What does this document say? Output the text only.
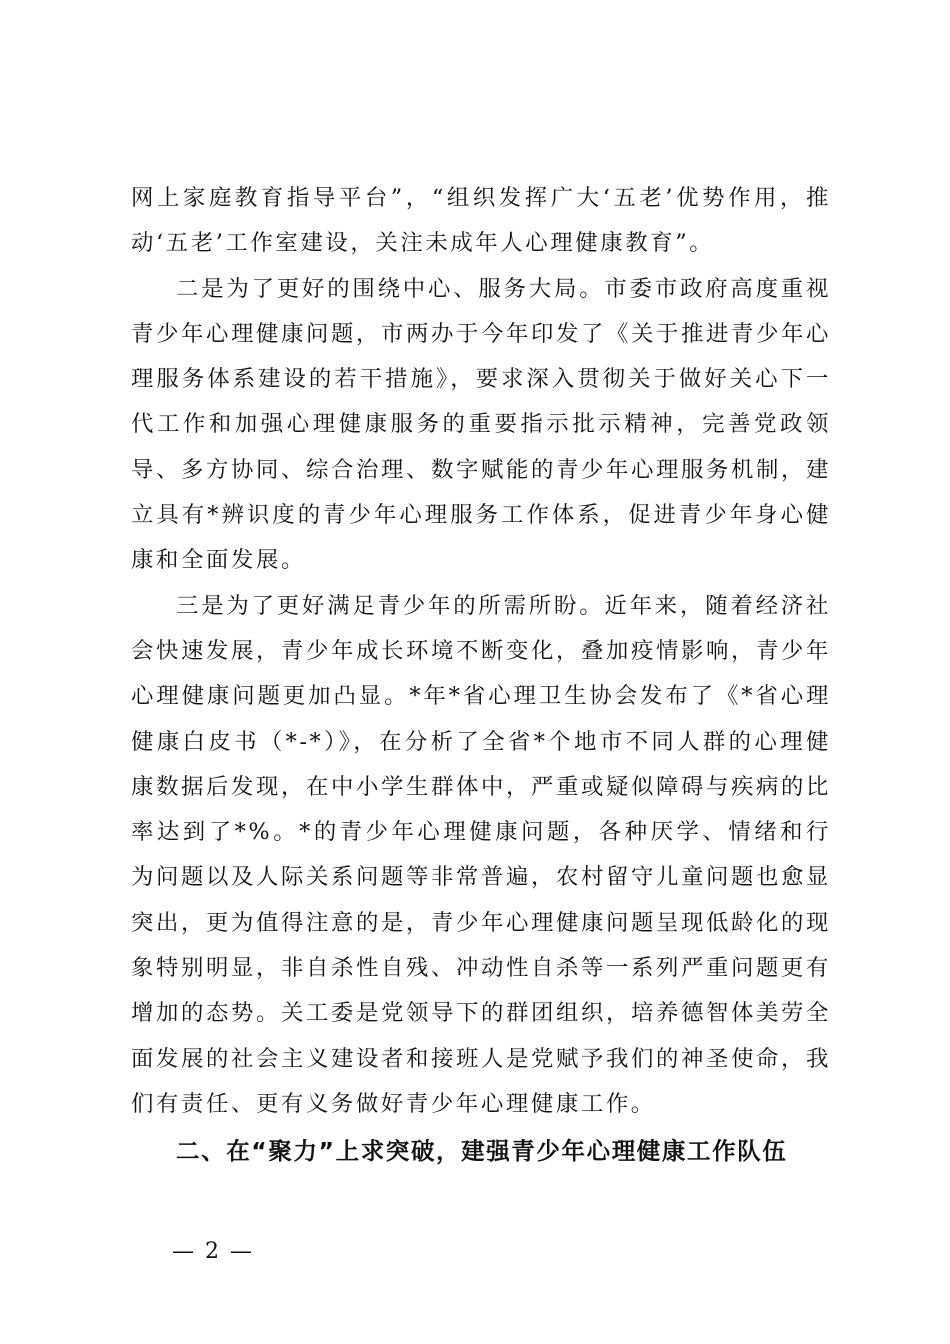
网上家庭教育指导平台”，“组织发挥广大‘五老’优势作用，推动‘五老’工作室建设，关注未成年人心理健康教育”。

二是为了更好的围绕中心、服务大局。市委市政府高度重视青少年心理健康问题，市两办于今年印发了《关于推进青少年心理服务体系建设的若干措施》，要求深入贯彻关于做好关心下一代工作和加强心理健康服务的重要指示批示精神，完善党政领导、多方协同、综合治理、数字赋能的青少年心理服务机制，建立具有*辨识度的青少年心理服务工作体系，促进青少年身心健康和全面发展。

三是为了更好满足青少年的所需所盼。近年来，随着经济社会快速发展，青少年成长环境不断变化，叠加疫情影响，青少年心理健康问题更加凸显。*年*省心理卫生协会发布了《*省心理健康白皮书（*-*）》，在分析了全省*个地市不同人群的心理健康数据后发现，在中小学生群体中，严重或疑似障碍与疾病的比率达到了*%。*的青少年心理健康问题，各种厌学、情绪和行为问题以及人际关系问题等非常普遍，农村留守儿童问题也愈显突出，更为值得注意的是，青少年心理健康问题呈现低龄化的现象特别明显，非自杀性自残、冲动性自杀等一系列严重问题更有增加的态势。关工委是党领导下的群团组织，培养德智体美劳全面发展的社会主义建设者和接班人是党赋予我们的神圣使命，我们有责任、更有义务做好青少年心理健康工作。

二、在“聚力”上求突破，建强青少年心理健康工作队伍

— 2 —
